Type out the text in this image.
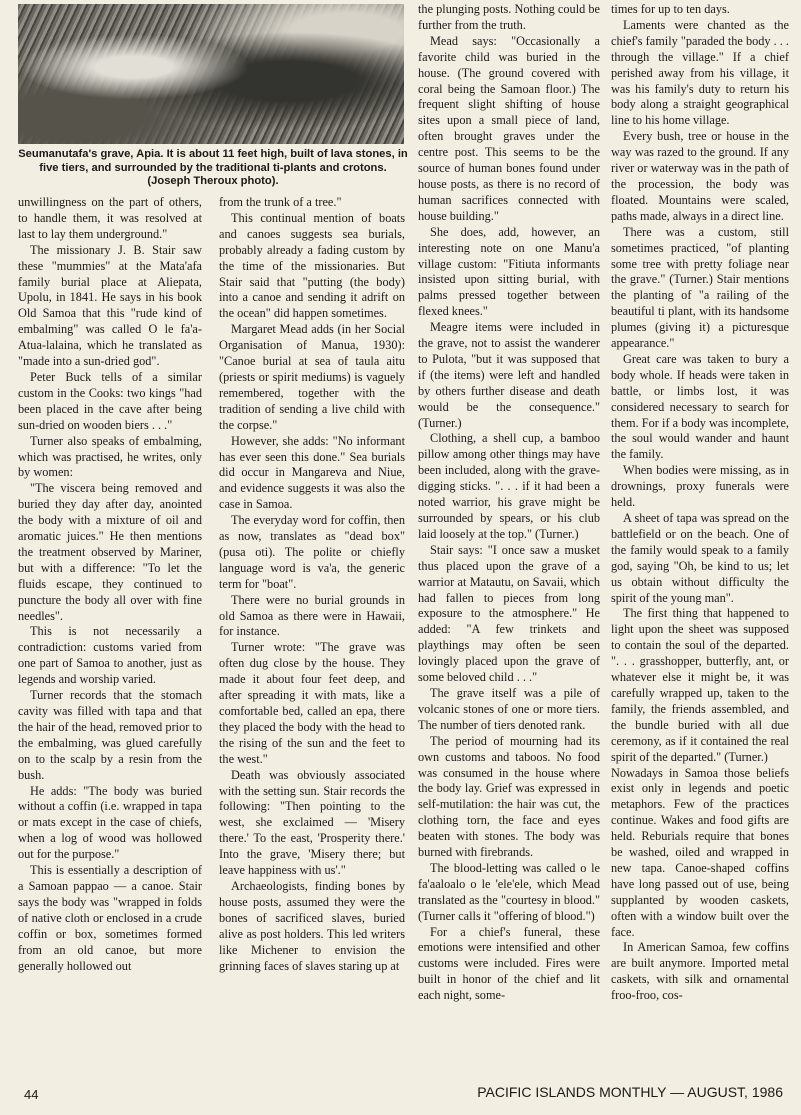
Seumanutafa's grave, Apia. It is about 11 feet high, built of lava stones, in five tiers, and surrounded by the traditional ti-plants and crotons. (Joseph Theroux photo).

unwillingness on the part of others, to handle them, it was resolved at last to lay them underground."

The missionary J. B. Stair saw these "mummies" at the Mata'afa family burial place at Aliepata, Upolu, in 1841. He says in his book Old Samoa that this "rude kind of embalming" was called O le fa'a-Atua-lalaina, which he translated as "made into a sun-dried god".

Peter Buck tells of a similar custom in the Cooks: two kings "had been placed in the cave after being sun-dried on wooden biers . . ."

Turner also speaks of embalming, which was practised, he writes, only by women:

"The viscera being removed and buried they day after day, anointed the body with a mixture of oil and aromatic juices." He then mentions the treatment observed by Mariner, but with a difference: "To let the fluids escape, they continued to puncture the body all over with fine needles".

This is not necessarily a contradiction: customs varied from one part of Samoa to another, just as legends and worship varied.

Turner records that the stomach cavity was filled with tapa and that the hair of the head, removed prior to the embalming, was glued carefully on to the scalp by a resin from the bush.

He adds: "The body was buried without a coffin (i.e. wrapped in tapa or mats except in the case of chiefs, when a log of wood was hollowed out for the purpose."

This is essentially a description of a Samoan pappao — a canoe. Stair says the body was "wrapped in folds of native cloth or enclosed in a crude coffin or box, sometimes formed from an old canoe, but more generally hollowed out

from the trunk of a tree."

This continual mention of boats and canoes suggests sea burials, probably already a fading custom by the time of the missionaries. But Stair said that "putting (the body) into a canoe and sending it adrift on the ocean" did happen sometimes.

Margaret Mead adds (in her Social Organisation of Manua, 1930): "Canoe burial at sea of taula aitu (priests or spirit mediums) is vaguely remembered, together with the tradition of sending a live child with the corpse."

However, she adds: "No informant has ever seen this done." Sea burials did occur in Mangareva and Niue, and evidence suggests it was also the case in Samoa.

The everyday word for coffin, then as now, translates as "dead box" (pusa oti). The polite or chiefly language word is va'a, the generic term for "boat".

There were no burial grounds in old Samoa as there were in Hawaii, for instance.

Turner wrote: "The grave was often dug close by the house. They made it about four feet deep, and after spreading it with mats, like a comfortable bed, called an epa, there they placed the body with the head to the rising of the sun and the feet to the west."

Death was obviously associated with the setting sun. Stair records the following: "Then pointing to the west, she exclaimed — 'Misery there.' To the east, 'Prosperity there.' Into the grave, 'Misery there; but leave happiness with us'."

Archaeologists, finding bones by house posts, assumed they were the bones of sacrificed slaves, buried alive as post holders. This led writers like Michener to envision the grinning faces of slaves staring up at

the plunging posts. Nothing could be further from the truth.

Mead says: "Occasionally a favorite child was buried in the house. (The ground covered with coral being the Samoan floor.) The frequent slight shifting of house sites upon a small piece of land, often brought graves under the centre post. This seems to be the source of human bones found under house posts, as there is no record of human sacrifices connected with house building."

She does, add, however, an interesting note on one Manu'a village custom: "Fitiuta informants insisted upon sitting burial, with palms pressed together between flexed knees."

Meagre items were included in the grave, not to assist the wanderer to Pulota, "but it was supposed that if (the items) were left and handled by others further disease and death would be the consequence." (Turner.)

Clothing, a shell cup, a bamboo pillow among other things may have been included, along with the grave-digging sticks. ". . . if it had been a noted warrior, his grave might be surrounded by spears, or his club laid loosely at the top." (Turner.)

Stair says: "I once saw a musket thus placed upon the grave of a warrior at Matautu, on Savaii, which had fallen to pieces from long exposure to the atmosphere." He added: "A few trinkets and playthings may often be seen lovingly placed upon the grave of some beloved child . . ."

The grave itself was a pile of volcanic stones of one or more tiers. The number of tiers denoted rank.

The period of mourning had its own customs and taboos. No food was consumed in the house where the body lay. Grief was expressed in self-mutilation: the hair was cut, the clothing torn, the face and eyes beaten with stones. The body was burned with firebrands.

The blood-letting was called o le fa'aaloalo o le 'ele'ele, which Mead translated as the "courtesy in blood." (Turner calls it "offering of blood.")

For a chief's funeral, these emotions were intensified and other customs were included. Fires were built in honor of the chief and lit each night, some-

times for up to ten days.

Laments were chanted as the chief's family "paraded the body . . . through the village." If a chief perished away from his village, it was his family's duty to return his body along a straight geographical line to his home village.

Every bush, tree or house in the way was razed to the ground. If any river or waterway was in the path of the procession, the body was floated. Mountains were scaled, paths made, always in a direct line.

There was a custom, still sometimes practiced, "of planting some tree with pretty foliage near the grave." (Turner.) Stair mentions the planting of "a railing of the beautiful ti plant, with its handsome plumes (giving it) a picturesque appearance."

Great care was taken to bury a body whole. If heads were taken in battle, or limbs lost, it was considered necessary to search for them. For if a body was incomplete, the soul would wander and haunt the family.

When bodies were missing, as in drownings, proxy funerals were held.

A sheet of tapa was spread on the battlefield or on the beach. One of the family would speak to a family god, saying "Oh, be kind to us; let us obtain without difficulty the spirit of the young man".

The first thing that happened to light upon the sheet was supposed to contain the soul of the departed. ". . . grasshopper, butterfly, ant, or whatever else it might be, it was carefully wrapped up, taken to the family, the friends assembled, and the bundle buried with all due ceremony, as if it contained the real spirit of the departed." (Turner.)

Nowadays in Samoa those beliefs exist only in legends and poetic metaphors. Few of the practices continue. Wakes and food gifts are held. Reburials require that bones be washed, oiled and wrapped in new tapa. Canoe-shaped coffins have long passed out of use, being supplanted by wooden caskets, often with a window built over the face.

In American Samoa, few coffins are built anymore. Imported metal caskets, with silk and ornamental froo-froo, cos-

44	PACIFIC ISLANDS MONTHLY — AUGUST, 1986
